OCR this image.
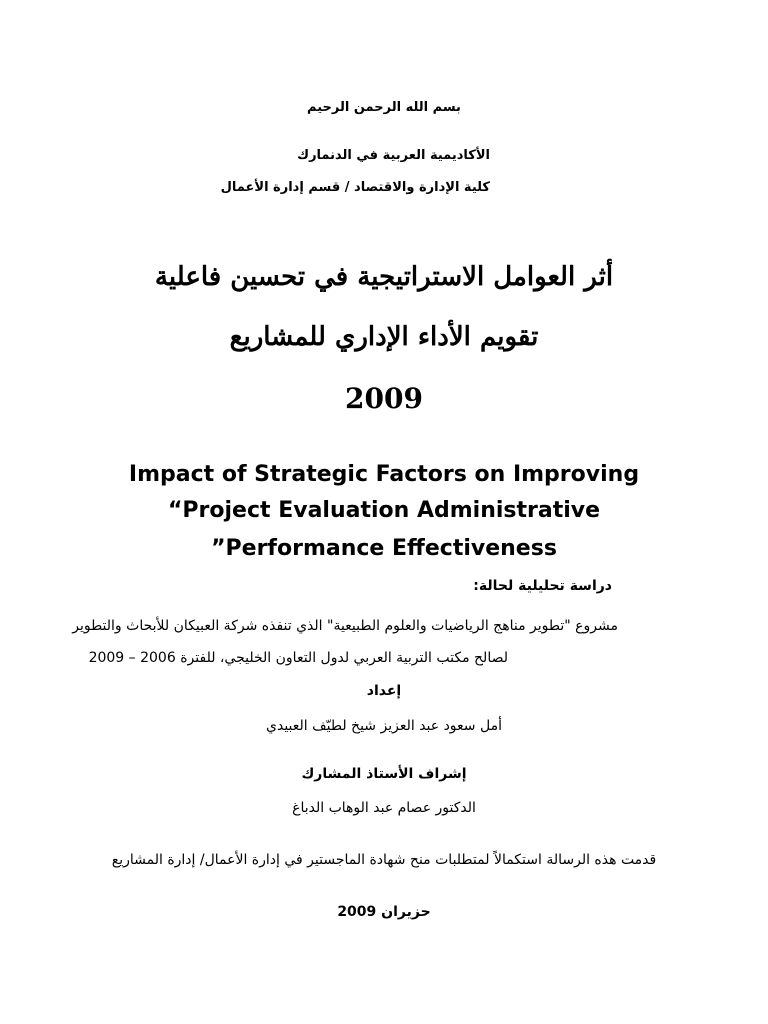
بسم الله الرحمن الرحيم
الأكاديمية العربية في الدنمارك
كلية الإدارة والاقتصاد / قسم إدارة الأعمال
أثر العوامل الاستراتيجية في تحسين فاعلية
تقويم الأداء الإداري للمشاريع
2009
Impact of Strategic Factors on Improving
“Project Evaluation Administrative
”Performance Effectiveness
دراسة تحليلية لحالة:
مشروع "تطوير مناهج الرياضيات والعلوم الطبيعية" الذي تنفذه شركة العبيكان للأبحاث والتطوير
لصالح مكتب التربية العربي لدول التعاون الخليجي، للفترة 2006 – 2009
إعداد
أمل سعود عبد العزيز شيخ لطيّف العبيدي
إشراف الأستاذ المشارك
الدكتور عصام عبد الوهاب الدباغ
قدمت هذه الرسالة استكمالاً لمتطلبات منح شهادة الماجستير في إدارة الأعمال/ إدارة المشاريع
حزيران 2009
